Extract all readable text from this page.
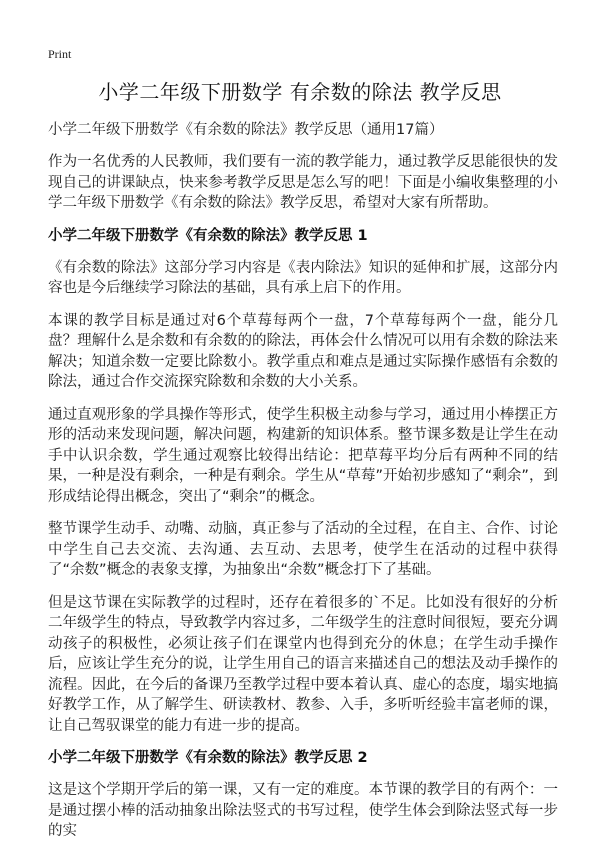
Print
小学二年级下册数学 有余数的除法 教学反思

小学二年级下册数学《有余数的除法》教学反思（通用17篇）

作为一名优秀的人民教师，我们要有一流的教学能力，通过教学反思能很快的发现自己的讲课缺点，快来参考教学反思是怎么写的吧！下面是小编收集整理的小学二年级下册数学《有余数的除法》教学反思，希望对大家有所帮助。

小学二年级下册数学《有余数的除法》教学反思 1

《有余数的除法》这部分学习内容是《表内除法》知识的延伸和扩展，这部分内容也是今后继续学习除法的基础，具有承上启下的作用。

本课的教学目标是通过对6个草莓每两个一盘，7个草莓每两个一盘，能分几盘？理解什么是余数和有余数的的除法，再体会什么情况可以用有余数的除法来解决；知道余数一定要比除数小。教学重点和难点是通过实际操作感悟有余数的除法，通过合作交流探究除数和余数的大小关系。

通过直观形象的学具操作等形式，使学生积极主动参与学习，通过用小棒摆正方形的活动来发现问题，解决问题，构建新的知识体系。整节课多数是让学生在动手中认识余数，学生通过观察比较得出结论：把草莓平均分后有两种不同的结果，一种是没有剩余，一种是有剩余。学生从“草莓”开始初步感知了“剩余”，到形成结论得出概念，突出了“剩余”的概念。

整节课学生动手、动嘴、动脑，真正参与了活动的全过程，在自主、合作、讨论中学生自己去交流、去沟通、去互动、去思考，使学生在活动的过程中获得了“余数”概念的表象支撑，为抽象出“余数”概念打下了基础。

但是这节课在实际教学的过程时，还存在着很多的`不足。比如没有很好的分析二年级学生的特点，导致教学内容过多，二年级学生的注意时间很短，要充分调动孩子的积极性，必须让孩子们在课堂内也得到充分的休息；在学生动手操作后，应该让学生充分的说，让学生用自己的语言来描述自己的想法及动手操作的流程。因此，在今后的备课乃至教学过程中要本着认真、虚心的态度，塌实地搞好教学工作，从了解学生、研读教材、教参、入手，多听听经验丰富老师的课，让自己驾驭课堂的能力有进一步的提高。

小学二年级下册数学《有余数的除法》教学反思 2

这是这个学期开学后的第一课，又有一定的难度。本节课的教学目的有两个：一是通过摆小棒的活动抽象出除法竖式的书写过程，使学生体会到除法竖式每一步的实
